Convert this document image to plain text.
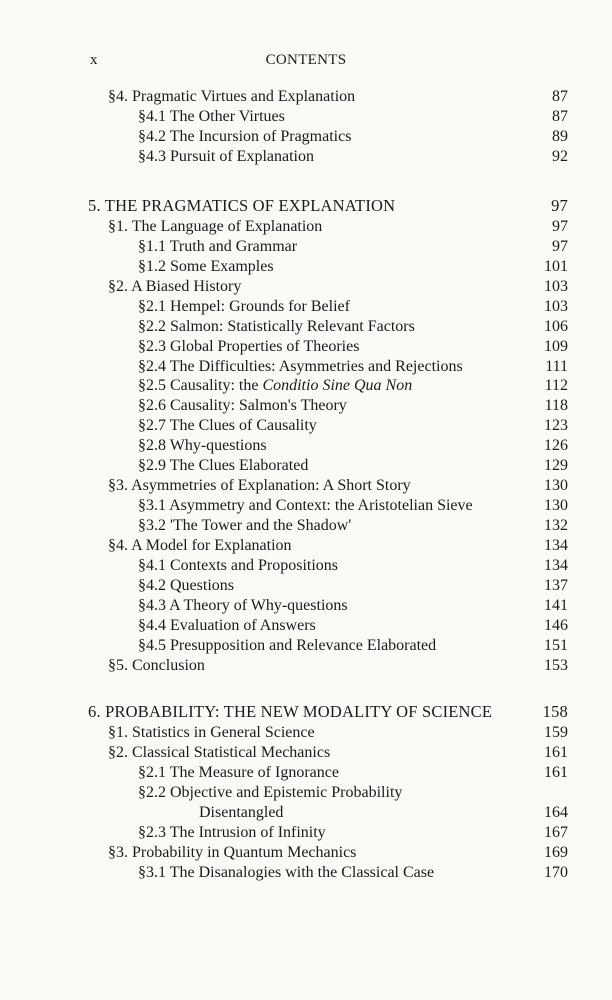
x	CONTENTS
§4. Pragmatic Virtues and Explanation	87
§4.1 The Other Virtues	87
§4.2 The Incursion of Pragmatics	89
§4.3 Pursuit of Explanation	92
5. THE PRAGMATICS OF EXPLANATION	97
§1. The Language of Explanation	97
§1.1 Truth and Grammar	97
§1.2 Some Examples	101
§2. A Biased History	103
§2.1 Hempel: Grounds for Belief	103
§2.2 Salmon: Statistically Relevant Factors	106
§2.3 Global Properties of Theories	109
§2.4 The Difficulties: Asymmetries and Rejections	111
§2.5 Causality: the Conditio Sine Qua Non	112
§2.6 Causality: Salmon's Theory	118
§2.7 The Clues of Causality	123
§2.8 Why-questions	126
§2.9 The Clues Elaborated	129
§3. Asymmetries of Explanation: A Short Story	130
§3.1 Asymmetry and Context: the Aristotelian Sieve	130
§3.2 'The Tower and the Shadow'	132
§4. A Model for Explanation	134
§4.1 Contexts and Propositions	134
§4.2 Questions	137
§4.3 A Theory of Why-questions	141
§4.4 Evaluation of Answers	146
§4.5 Presupposition and Relevance Elaborated	151
§5. Conclusion	153
6. PROBABILITY: THE NEW MODALITY OF SCIENCE	158
§1. Statistics in General Science	159
§2. Classical Statistical Mechanics	161
§2.1 The Measure of Ignorance	161
§2.2 Objective and Epistemic Probability
Disentangled	164
§2.3 The Intrusion of Infinity	167
§3. Probability in Quantum Mechanics	169
§3.1 The Disanalogies with the Classical Case	170
